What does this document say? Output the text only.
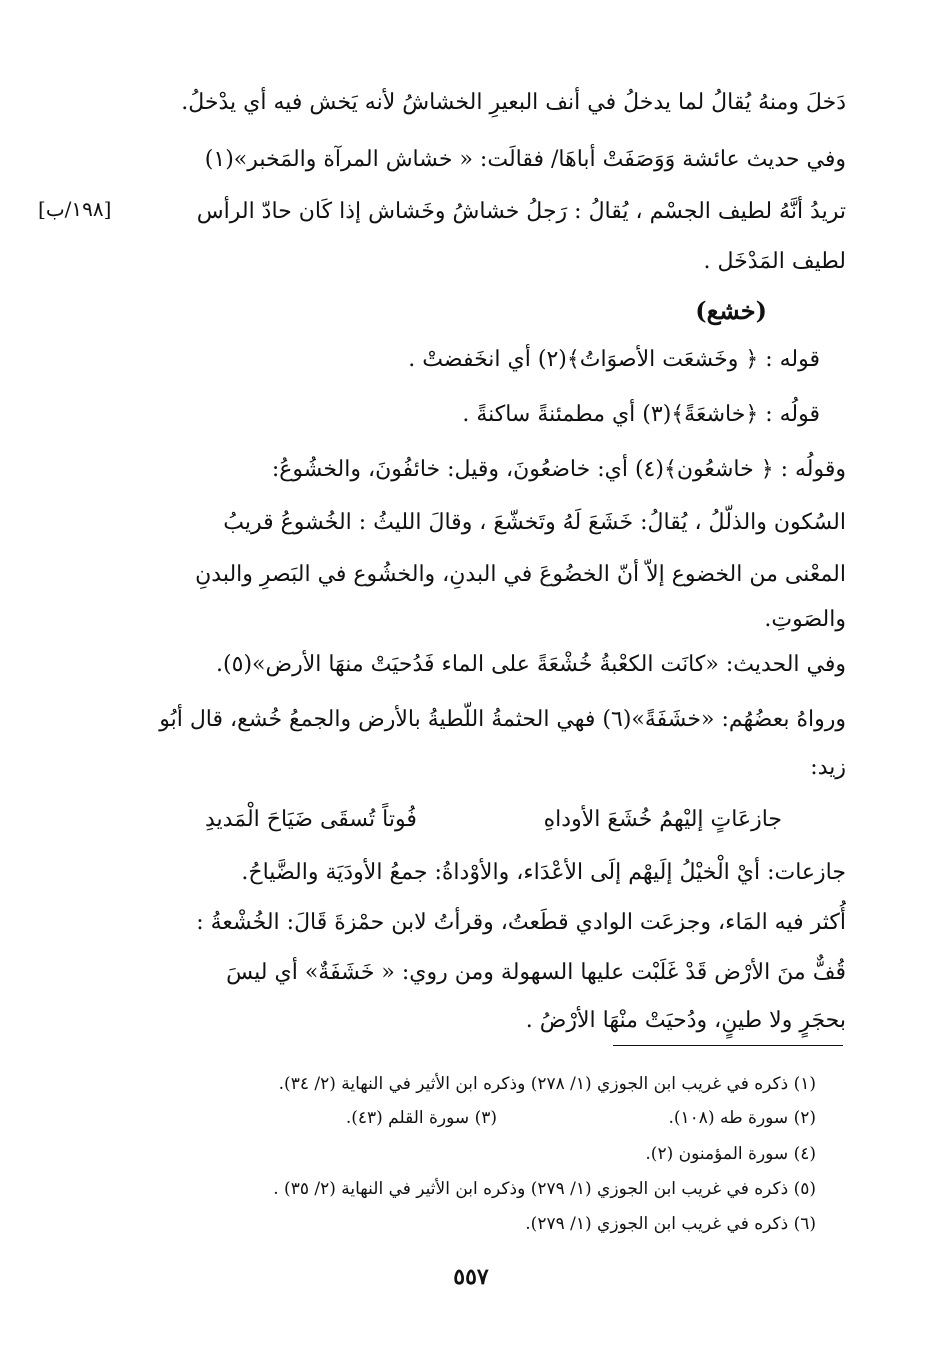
دَخلَ ومنهُ يُقالُ لما يدخلُ في أنف البعيرِ الخشاشُ لأنه يَخش فيه أي يدْخلُ.
وفي حديث عائشة وَوَصَفَتْ أباهَا/ فقالَت: « خشاش المرآة والمَخبر»(١)
تريدُ أنَّهُ لطيف الجسْم ، يُقالُ : رَجلُ خشاشُ وخَشاش إذا كَان حادّ الرأس
[١٩٨/ب]
لطيف المَدْخَل .
(خشع)
قوله : ﴿ وخَشعَت الأصوَاتُ﴾(٢) أي انخَفضتْ .
قولُه : ﴿خاشعَةً﴾(٣) أي مطمئنةً ساكنةً .
وقولُه : ﴿ خاشعُون﴾(٤) أي: خاضعُونَ، وقيل: خائفُونَ، والخشُوعُ:
السُكون والذلّلُ ، يُقالُ: خَشَعَ لَهُ وتَخشّعَ ، وقالَ الليثُ : الخُشوعُ قريبُ
المعْنى من الخضوع إلاّ أنّ الخضُوعَ في البدنِ، والخشُوع في البَصرِ والبدنِ
والصَوتِ.
وفي الحديث: «كانَت الكعْبةُ خُشْعَةً على الماء فَدُحيَتْ منهَا الأرض»(٥).
ورواهُ بعضُهُم: «خشَفَةً»(٦) فهي الحثمةُ اللّطيةُ بالأرض والجمعُ خُشع، قال أبُو
زيد:
جازعَاتٍ إليْهمُ خُشَعَ الأوداهِ
فُوتاً تُسقَى ضَيَاحَ الْمَديدِ
جازعات: أيْ الْخيْلُ إلَيهْم إلَى الأعْدَاء، والأوْداةُ: جمعُ الأودَيَة والضَّياحُ.
أُكثر فيه المَاء، وجزعَت الوادي قطَعتُ، وقرأتُ لابن حمْزةَ قَالَ: الخُشْعةُ :
قُفٌّ منَ الأرْض قَدْ غَلَبْت عليها السهولة ومن روي: « خَشَفَةٌ» أي ليسَ
بحجَرٍ ولا طينٍ، ودُحيَتْ منْهَا الأرْضُ .
(١) ذكره في غريب ابن الجوزي (١/ ٢٧٨) وذكره ابن الأثير في النهاية (٢/ ٣٤).
(٢) سورة طه (١٠٨).
(٣) سورة القلم (٤٣).
(٤) سورة المؤمنون (٢).
(٥) ذكره في غريب ابن الجوزي (١/ ٢٧٩) وذكره ابن الأثير في النهاية (٢/ ٣٥) .
(٦) ذكره في غريب ابن الجوزي (١/ ٢٧٩).
٥٥٧
